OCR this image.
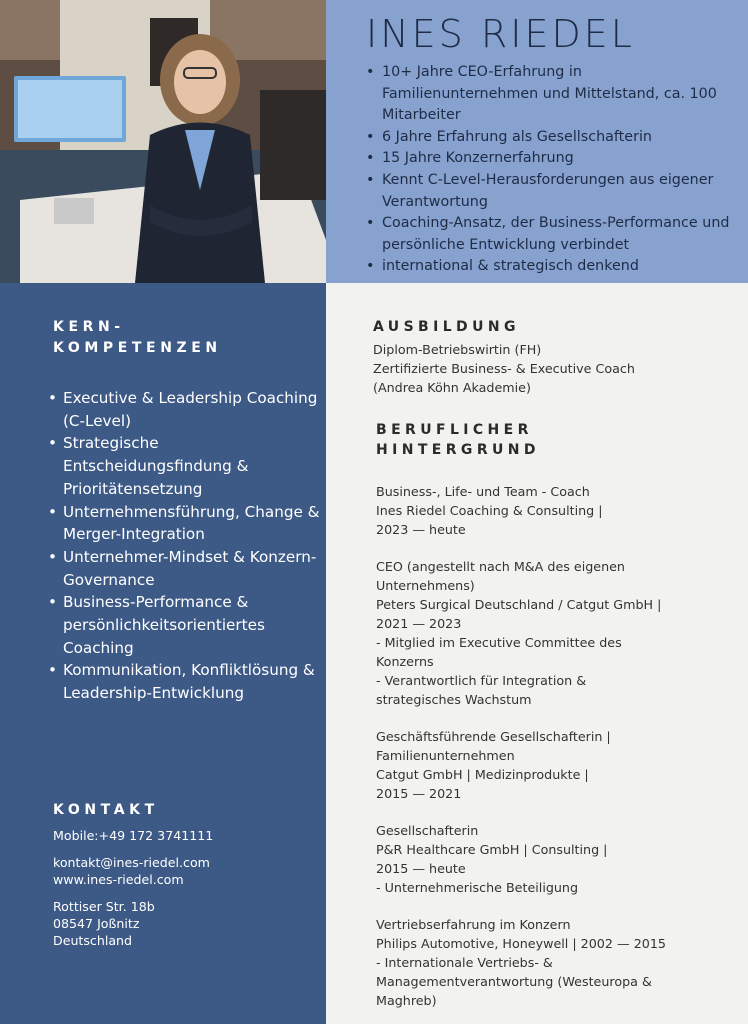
INES RIEDEL
• 10+ Jahre CEO-Erfahrung in Familienunternehmen und Mittelstand, ca. 100 Mitarbeiter
• 6 Jahre Erfahrung als Gesellschafterin
• 15 Jahre Konzernerfahrung
• Kennt C-Level-Herausforderungen aus eigener Verantwortung
• Coaching-Ansatz, der Business-Performance und persönliche Entwicklung verbindet
• international & strategisch denkend
KERN-
KOMPETENZEN
• Executive & Leadership Coaching (C-Level)
• Strategische Entscheidungsfindung & Prioritätensetzung
• Unternehmensführung, Change & Merger-Integration
• Unternehmer-Mindset & Konzern-Governance
• Business-Performance & persönlichkeitsorientiertes Coaching
• Kommunikation, Konfliktlösung & Leadership-Entwicklung
KONTAKT
Mobile:+49 172 3741111
kontakt@ines-riedel.com
www.ines-riedel.com
Rottiser Str. 18b
08547 Joßnitz
Deutschland
AUSBILDUNG
Diplom-Betriebswirtin (FH)
Zertifizierte Business- & Executive Coach
(Andrea Köhn Akademie)
BERUFLICHER
HINTERGRUND
Business-, Life- und Team - Coach
Ines Riedel Coaching & Consulting |
2023 — heute
CEO (angestellt nach M&A des eigenen
Unternehmens)
Peters Surgical Deutschland / Catgut GmbH |
2021 — 2023
- Mitglied im Executive Committee des
Konzerns
- Verantwortlich für Integration &
strategisches Wachstum
Geschäftsführende Gesellschafterin |
Familienunternehmen
Catgut GmbH | Medizinprodukte |
2015 — 2021
Gesellschafterin
P&R Healthcare GmbH | Consulting |
2015 — heute
- Unternehmerische Beteiligung
Vertriebserfahrung im Konzern
Philips Automotive, Honeywell | 2002 — 2015
- Internationale Vertriebs- &
Managementverantwortung (Westeuropa &
Maghreb)
